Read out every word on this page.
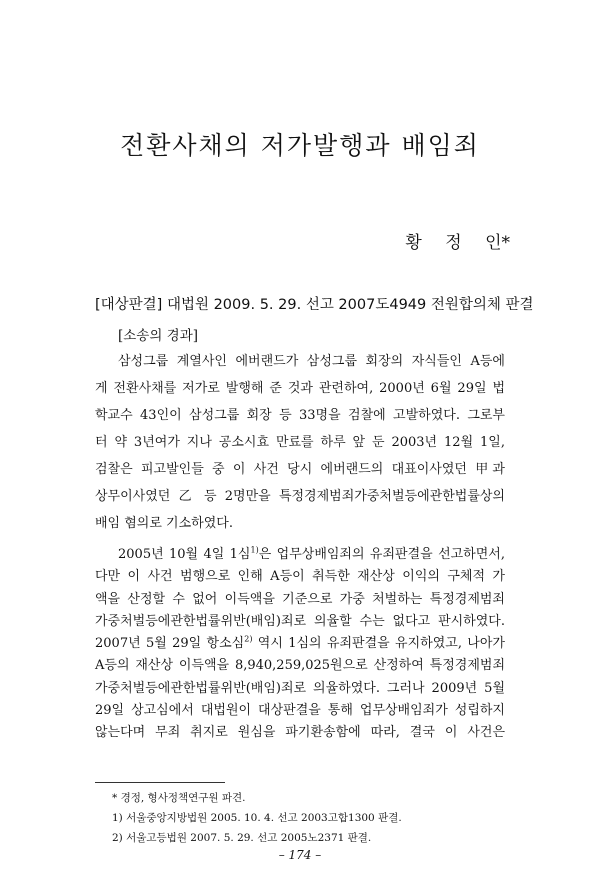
전환사채의 저가발행과 배임죄
황 정 인*
[대상판결] 대법원 2009. 5. 29. 선고 2007도4949 전원합의체 판결
[소송의 경과]
삼성그룹 계열사인 에버랜드가 삼성그룹 회장의 자식들인 A등에
게 전환사채를 저가로 발행해 준 것과 관련하여, 2000년 6월 29일 법
학교수 43인이 삼성그룹 회장 등 33명을 검찰에 고발하였다. 그로부
터 약 3년여가 지나 공소시효 만료를 하루 앞 둔 2003년 12월 1일,
검찰은 피고발인들 중 이 사건 당시 에버랜드의 대표이사였던 甲과
상무이사였던 乙 등 2명만을 특정경제범죄가중처벌등에관한법률상의
배임 혐의로 기소하였다.
2005년 10월 4일 1심$^{1)}$은 업무상배임죄의 유죄판결을 선고하면서,
다만 이 사건 범행으로 인해 A등이 취득한 재산상 이익의 구체적 가
액을 산정할 수 없어 이득액을 기준으로 가중 처벌하는 특정경제범죄
가중처벌등에관한법률위반(배임)죄로 의율할 수는 없다고 판시하였다.
2007년 5월 29일 항소심$^{2)}$ 역시 1심의 유죄판결을 유지하였고, 나아가
* 경정, 형사정책연구원 파견.
1) 서울중앙지방법원 2005. 10. 4. 선고 2003고합1300 판결.
2) 서울고등법원 2007. 5. 29. 선고 2005노2371 판결.
– 174 –
A등의 재산상 이득액을 8,940,259,025원으로 산정하여 특정경제범죄
가중처벌등에관한법률위반(배임)죄로 의율하였다. 그러나 2009년 5월
29일 상고심에서 대법원이 대상판결을 통해 업무상배임죄가 성립하지
않는다며 무죄 취지로 원심을 파기환송함에 따라, 결국 이 사건은
